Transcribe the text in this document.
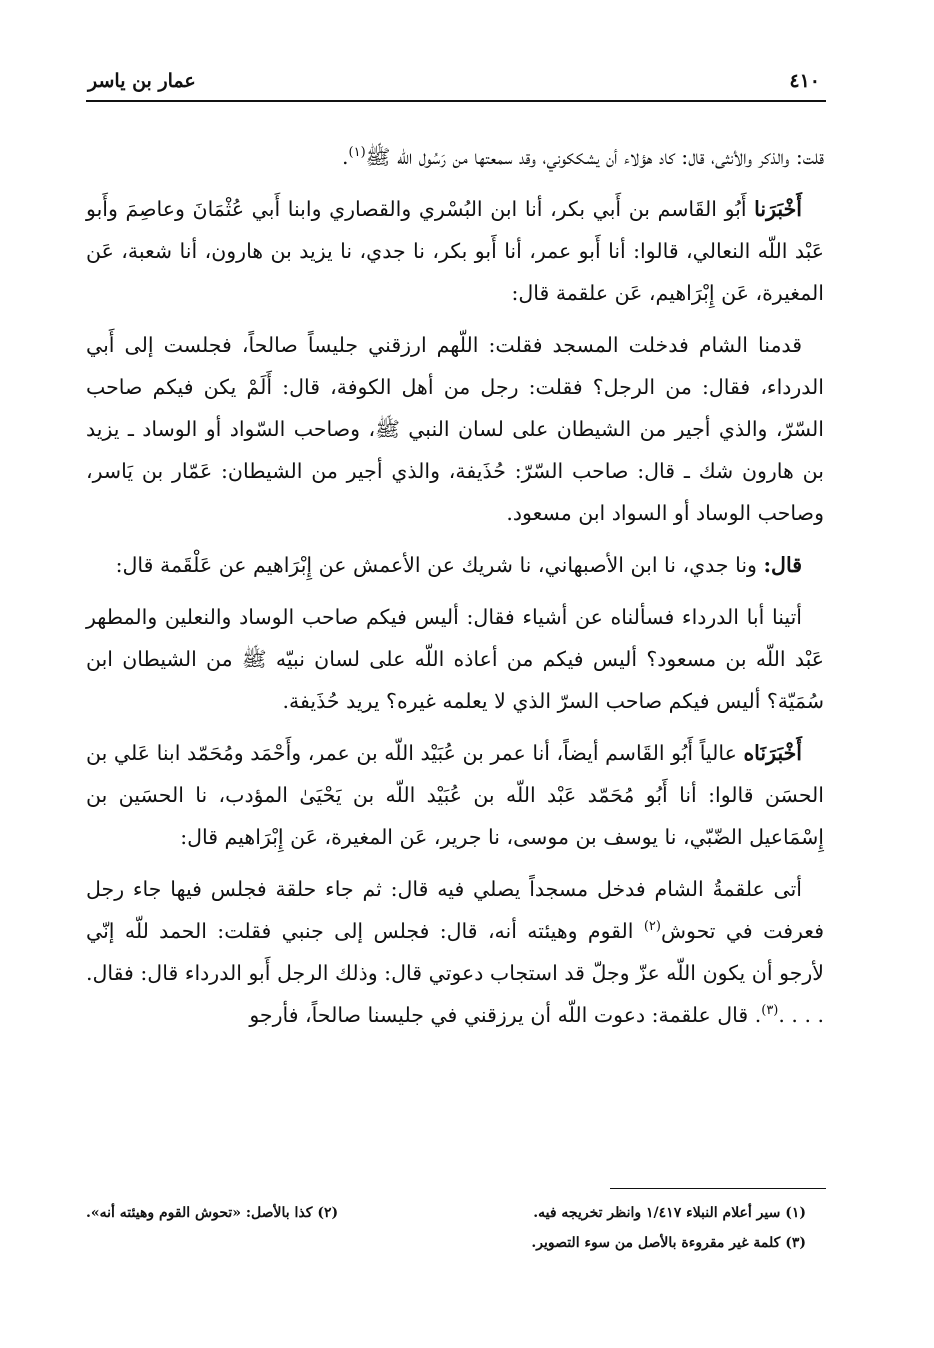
٤١٠
عمار بن ياسر

قلت: والذكر والأنثى، قال: كاد هؤلاء أن يشككوني، وقد سمعتها من رَسُول الله ﷺ$^{(١)}$.

أَخْبَرَنا أَبُو القَاسم بن أَبي بكر، أنا ابن البُسْري والقصاري وابنا أَبي عُثْمَانَ وعاصِمَ وأَبو عَبْد اللّه النعالي، قالوا: أنا أَبو عمر، أنا أَبو بكر، نا جدي، نا يزيد بن هارون، أنا شعبة، عَن المغيرة، عَن إِبْرَاهيم، عَن علقمة قال:

قدمنا الشام فدخلت المسجد فقلت: اللّهم ارزقني جليساً صالحاً، فجلست إلى أَبي الدرداء، فقال: من الرجل؟ فقلت: رجل من أهل الكوفة، قال: أَلَمْ يكن فيكم صاحب السّرّ، والذي أجير من الشيطان على لسان النبي ﷺ، وصاحب السّواد أو الوساد ـ يزيد بن هارون شك ـ قال: صاحب السّرّ: حُذَيفة، والذي أجير من الشيطان: عَمّار بن يَاسر، وصاحب الوساد أو السواد ابن مسعود.

قال: ونا جدي، نا ابن الأصبهاني، نا شريك عن الأعمش عن إِبْرَاهيم عن عَلْقَمة قال:

أتينا أبا الدرداء فسألناه عن أشياء فقال: أليس فيكم صاحب الوساد والنعلين والمطهر عَبْد اللّه بن مسعود؟ أليس فيكم من أعاذه اللّه على لسان نبيّه ﷺ من الشيطان ابن سُمَيّة؟ أليس فيكم صاحب السرّ الذي لا يعلمه غيره؟ يريد حُذَيفة.

أَخْبَرَنَاه عالياً أَبُو القَاسم أيضاً، أنا عمر بن عُبَيْد اللّه بن عمر، وأَحْمَد ومُحَمّد ابنا عَلي بن الحسَن قالوا: أنا أَبُو مُحَمّد عَبْد اللّه بن عُبَيْد اللّه بن يَحْيَىٰ المؤدب، نا الحسَين بن إِسْمَاعيل الضّبّي، نا يوسف بن موسى، نا جرير، عَن المغيرة، عَن إِبْرَاهيم قال:

أتى علقمةُ الشام فدخل مسجداً يصلي فيه قال: ثم جاء حلقة فجلس فيها جاء رجل فعرفت في تحوش$^{(٢)}$ القوم وهيئته أنه، قال: فجلس إلى جنبي فقلت: الحمد للّه إنّي لأرجو أن يكون اللّه عزّ وجلّ قد استجاب دعوتي قال: وذلك الرجل أَبو الدرداء قال: فقال. . . . .$^{(٣)}$. قال علقمة: دعوت اللّه أن يرزقني في جليسنا صالحاً، فأرجو

(١) سير أعلام النبلاء ١/٤١٧ وانظر تخريجه فيه.
(٢) كذا بالأصل: «تحوش القوم وهيئته أنه».
(٣) كلمة غير مقروءة بالأصل من سوء التصوير.
